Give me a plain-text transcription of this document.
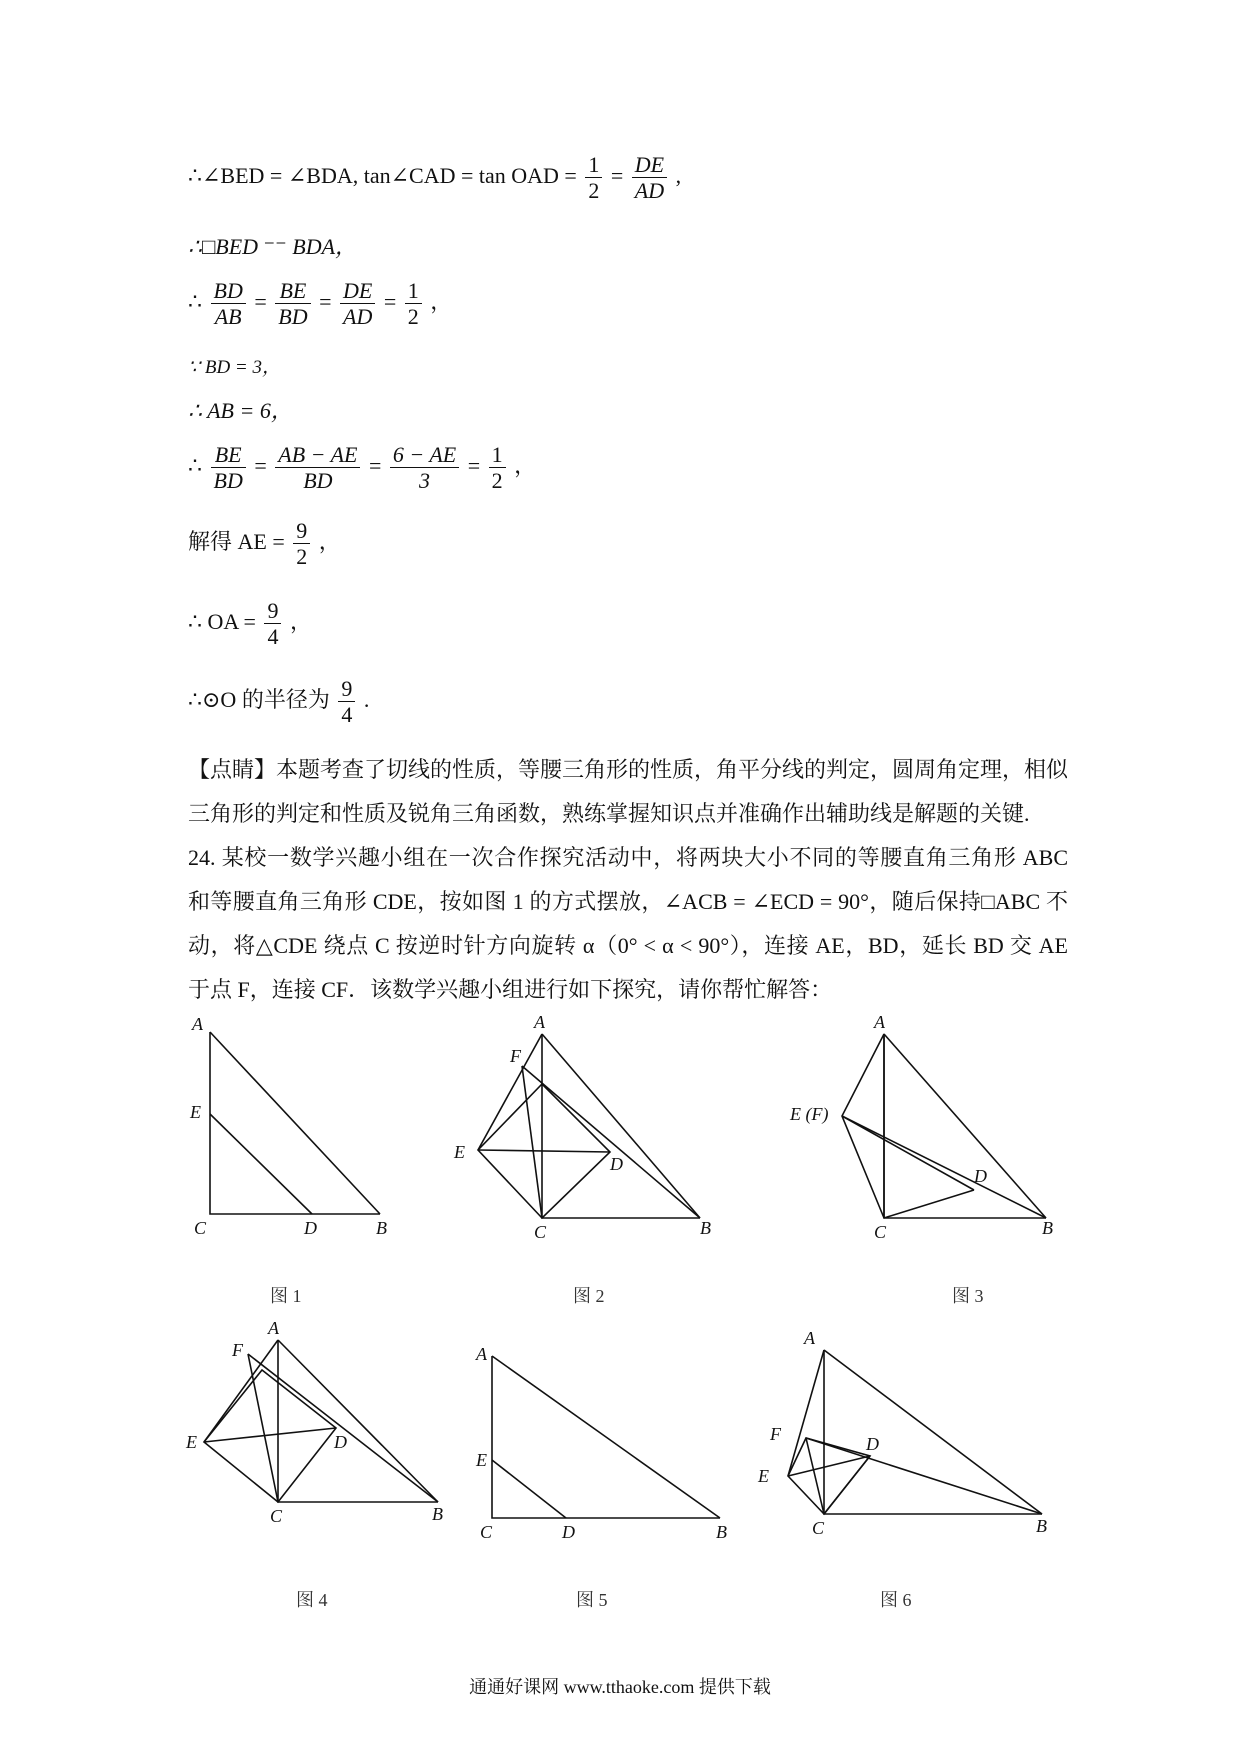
∴∠BED = ∠BDA, tan∠CAD = tan OAD = $\frac{1}{2} = \frac{DE}{AD}$ ,
∴□BED ⁻⁻ BDA，
∴ $\frac{BD}{AB} = \frac{BE}{BD} = \frac{DE}{AD} = \frac{1}{2}$ ，
∵ BD = 3，
∴ AB = 6，
∴ $\frac{BE}{BD} = \frac{AB - AE}{BD} = \frac{6 - AE}{3} = \frac{1}{2}$ ，
解得 AE = $\frac{9}{2}$ ，
∴ OA = $\frac{9}{4}$ ，
∴⊙O 的半径为 $\frac{9}{4}$ .
【点睛】本题考查了切线的性质，等腰三角形的性质，角平分线的判定，圆周角定理，相似三角形的判定和性质及锐角三角函数，熟练掌握知识点并准确作出辅助线是解题的关键.
24. 某校一数学兴趣小组在一次合作探究活动中，将两块大小不同的等腰直角三角形 ABC 和等腰直角三角形 CDE，按如图 1 的方式摆放，∠ACB = ∠ECD = 90°，随后保持□ABC 不动，将△CDE 绕点 C 按逆时针方向旋转 α（0° < α < 90°），连接 AE，BD，延长 BD 交 AE 于点 F，连接 CF．该数学兴趣小组进行如下探究，请你帮忙解答：
A
E
C	D	B
图 1
A
F
E
D
C	B
图 2
A
E (F)
D
C	B
图 3
A
F
E	D
C	B
图 4
A
E
C	D	B
图 5
A
F	D
E
C	B
图 6
通通好课网 www.tthaoke.com 提供下载
